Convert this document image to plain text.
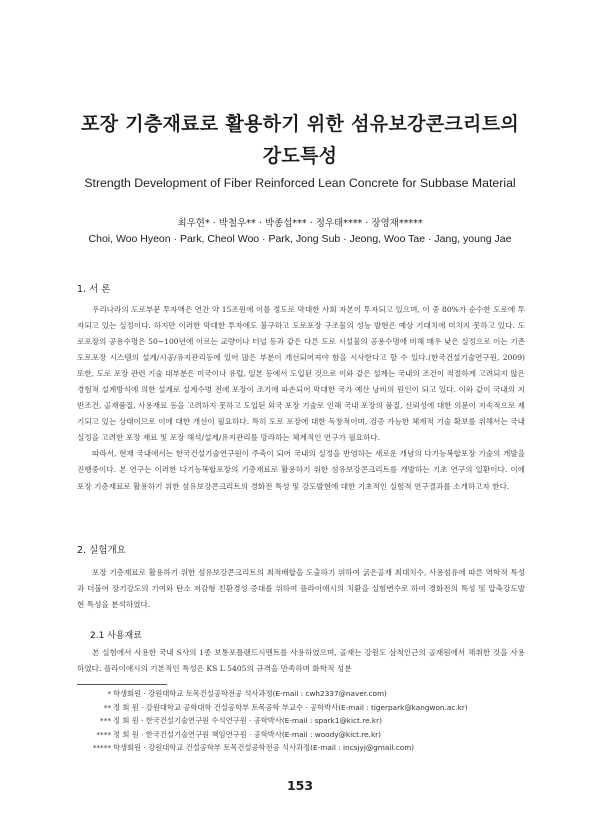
포장 기층재료로 활용하기 위한 섬유보강콘크리트의
강도특성
Strength Development of Fiber Reinforced Lean Concrete for Subbase Material
최우현* · 박철우** · 박종섭*** · 정우태**** · 장영재*****
Choi, Woo Hyeon · Park, Cheol Woo · Park, Jong Sub · Jeong, Woo Tae · Jang, young Jae
1. 서 론

우리나라의 도로부문 투자액은 연간 약 15조원에 이를 정도로 막대한 사회 자본이 투자되고 있으며, 이 중 80%가 순수한 도로에 투자되고 있는 실정이다. 하지만 이러한 막대한 투자에도 불구하고 도로포장 구조물의 성능 발현은 예상 기대치에 미치지 못하고 있다. 도로포장의 공용수명은 50~100년에 이르는 교량이나 터널 등과 같은 다른 도로 시설물의 공용수명에 비해 매우 낮은 실정으로 이는 기존 도로포장 시스템의 설계/시공/유지관리등에 있어 많은 부분이 개선되어져야 함을 시사한다고 할 수 있다.(한국건설기술연구원, 2009) 또한, 도로 포장 관련 기술 대부분은 미국이나 유럽, 일본 등에서 도입된 것으로 이와 같은 설계는 국내의 조건이 적절하게 고려되지 않은 경험적 설계방식에 의한 설계로 설계수명 전에 포장이 조기에 파손되어 막대한 국가 예산 낭비의 원인이 되고 있다. 이와 같이 국내의 지반조건, 골재품질, 사용재료 등을 고려하지 못하고 도입된 외국 포장 기술로 인해 국내 포장의 품질, 신뢰성에 대한 의문이 지속적으로 제기되고 있는 상태이므로 이에 대한 개선이 필요하다. 특히 도로 포장에 대한 독창적이며, 검증 가능한 체계적 기술 확보를 위해서는 국내 실정을 고려한 포장 재료 및 포장 해석/설계/유지관리를 망라하는 체계적인 연구가 필요하다.

따라서, 현재 국내에서는 한국건설기술연구원이 주축이 되어 국내의 실정을 반영하는 새로운 개념의 다기능복합포장 기술의 개발을 진행중이다. 본 연구는 이러한 다기능복합포장의 기층재료로 활용하기 위한 섬유보강콘크리트를 개발하는 기초 연구의 일환이다. 이에 포장 기층재료로 활용하기 위한 섬유보강콘크리트의 경화전 특성 및 강도발현에 대한 기초적인 실험적 연구결과를 소개하고자 한다.

2. 실험개요

포장 기층재료로 활용하기 위한 섬유보강콘크리트의 최적배합을 도출하기 위하여 굵은골재 최대치수, 사용섬유에 따른 역학적 특성과 더불어 장기강도의 기여와 탄소 저감형 친환경성 증대를 위하여 플라이애시의 치환을 실험변수로 하여 경화전의 특성 및 압축강도발현 특성을 분석하였다.

2.1 사용재료

본 실험에서 사용한 국내 S사의 1종 보통포틀랜드시멘트를 사용하였으며, 골재는 강원도 삼척인근의 골재원에서 채취한 것을 사용하였다. 플라이애시의 기본적인 특성은 KS L 5405의 규격을 만족하며 화학적 성분

* 학생회원 · 강원대학교 토목건설공학전공 석사과정(E-mail : cwh2337@naver.com)
** 정 회 원 · 강원대학교 공학대학 건설공학부 토목공학 부교수 · 공학박사(E-mail : tigerpark@kangwon.ac.kr)
*** 정 회 원 · 한국건설기술연구원 수석연구원 · 공학박사(E-mail : spark1@kict.re.kr)
**** 정 회 원 · 한국건설기술연구원 책임연구원 · 공학박사(E-mail : woody@kict.re.kr)
***** 학생회원 · 강원대학교 건설공학부 토목건설공학전공 석사과정(E-mail : incsjyj@gmail.com)
153
